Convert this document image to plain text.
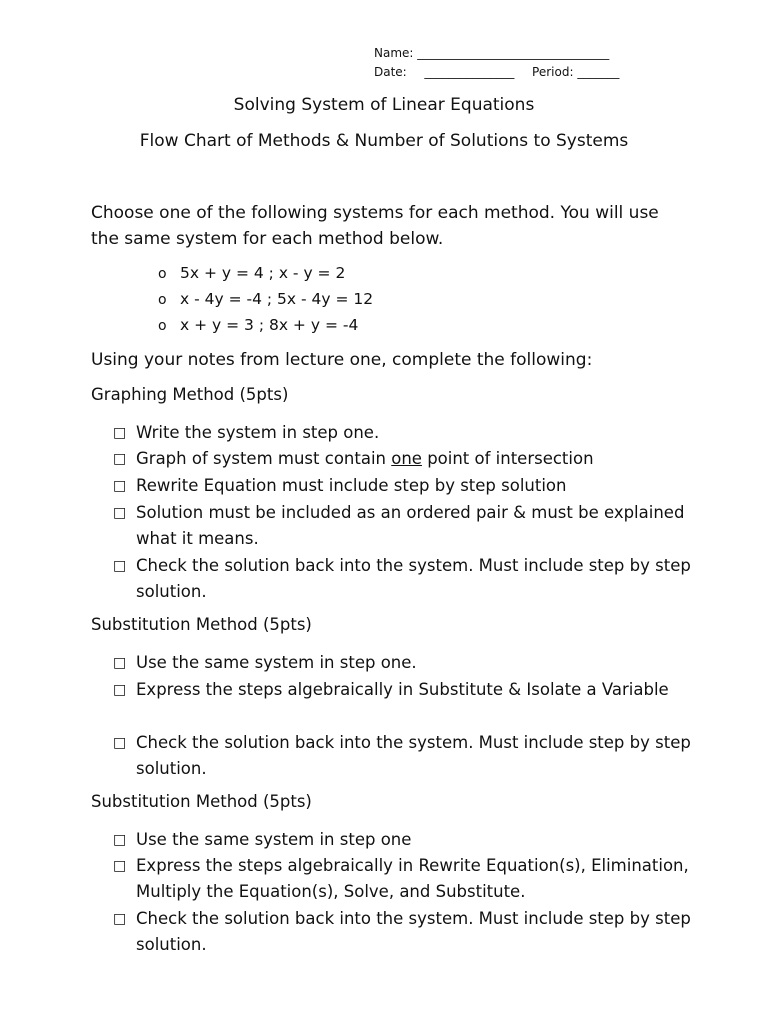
Name: ________________________________
Date: _______________ Period: _______
Solving System of Linear Equations
Flow Chart of Methods & Number of Solutions to Systems
Choose one of the following systems for each method. You will use the same system for each method below.
o 5x + y = 4 ; x - y = 2
o x - 4y = -4 ; 5x - 4y = 12
o x + y = 3 ; 8x + y = -4
Using your notes from lecture one, complete the following:
Graphing Method (5pts)
□ Write the system in step one.
□ Graph of system must contain one point of intersection
□ Rewrite Equation must include step by step solution
□ Solution must be included as an ordered pair & must be explained what it means.
□ Check the solution back into the system. Must include step by step solution.
Substitution Method (5pts)
□ Use the same system in step one.
□ Express the steps algebraically in Substitute & Isolate a Variable
□ Check the solution back into the system. Must include step by step solution.
Substitution Method (5pts)
□ Use the same system in step one
□ Express the steps algebraically in Rewrite Equation(s), Elimination, Multiply the Equation(s), Solve, and Substitute.
□ Check the solution back into the system. Must include step by step solution.
